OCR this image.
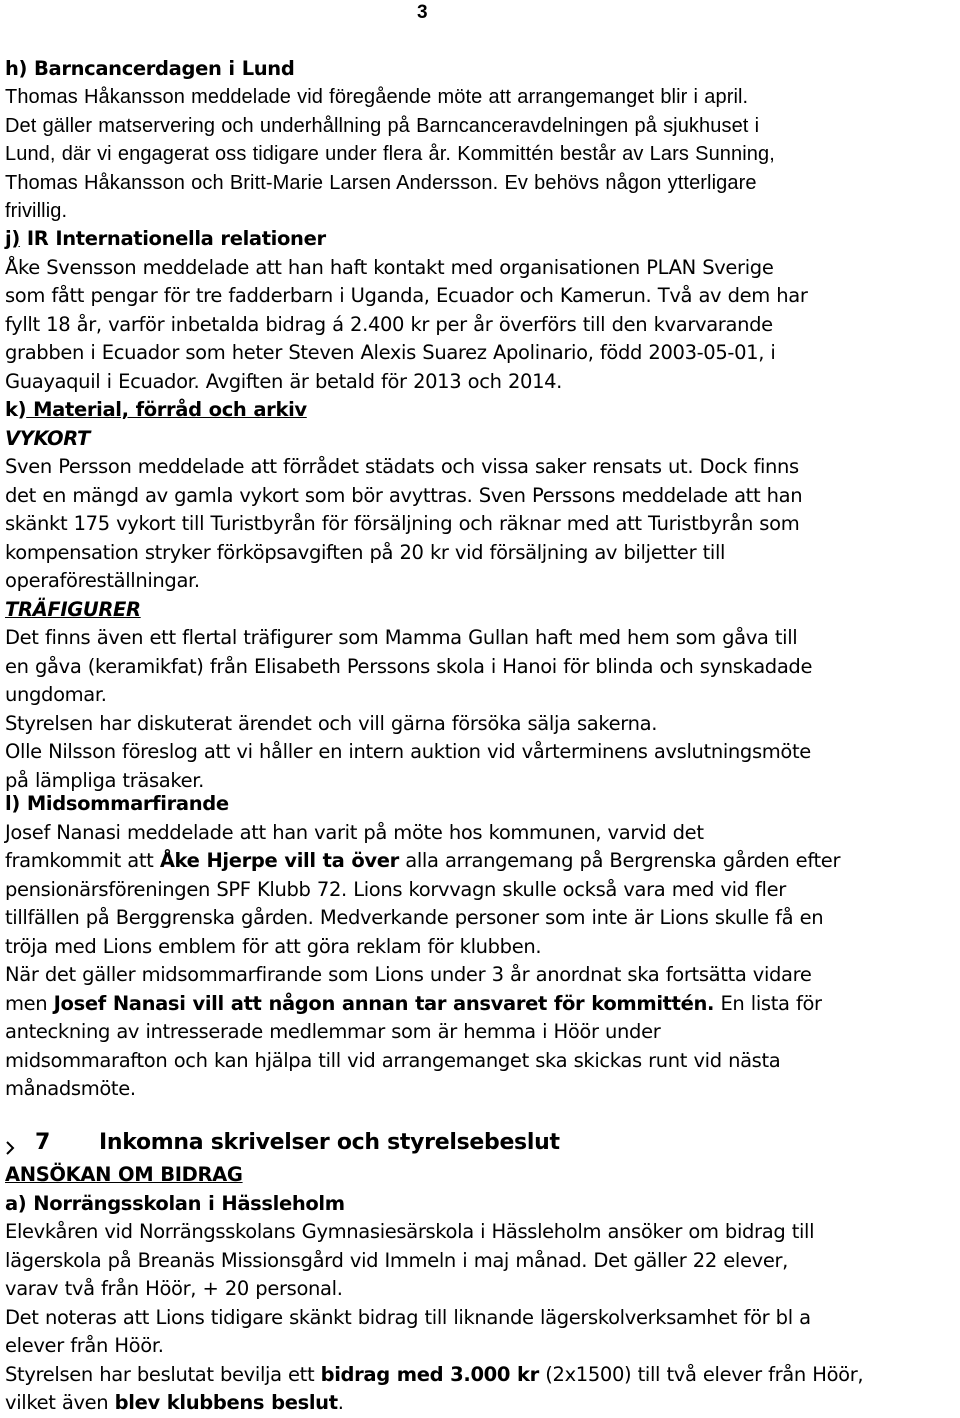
3
h) Barncancerdagen i Lund
Thomas Håkansson meddelade vid föregående möte att arrangemanget blir i april.
Det gäller matservering och underhållning på Barncanceravdelningen på sjukhuset i
Lund, där vi engagerat oss tidigare under flera år. Kommittén består av Lars Sunning,
Thomas Håkansson och Britt-Marie Larsen Andersson. Ev behövs någon ytterligare
frivillig.
j) IR Internationella relationer
Åke Svensson meddelade att han haft kontakt med organisationen PLAN Sverige
som fått pengar för tre fadderbarn i Uganda, Ecuador och Kamerun. Två av dem har
fyllt 18 år, varför inbetalda bidrag á 2.400 kr per år överförs till den kvarvarande
grabben i Ecuador som heter Steven Alexis Suarez Apolinario, född 2003-05-01, i
Guayaquil i Ecuador. Avgiften är betald för 2013 och 2014.
k) Material, förråd och arkiv
VYKORT
Sven Persson meddelade att förrådet städats och vissa saker rensats ut. Dock finns
det en mängd av gamla vykort som bör avyttras. Sven Perssons meddelade att han
skänkt 175 vykort till Turistbyrån för försäljning och räknar med att Turistbyrån som
kompensation stryker förköpsavgiften på 20 kr vid försäljning av biljetter till
operaföreställningar.
TRÄFIGURER
Det finns även ett flertal träfigurer som Mamma Gullan haft med hem som gåva till
en gåva (keramikfat) från Elisabeth Perssons skola i Hanoi för blinda och synskadade
ungdomar.
Styrelsen har diskuterat ärendet och vill gärna försöka sälja sakerna.
Olle Nilsson föreslog att vi håller en intern auktion vid vårterminens avslutningsmöte
på lämpliga träsaker.
l) Midsommarfirande
Josef Nanasi meddelade att han varit på möte hos kommunen, varvid det
framkommit att Åke Hjerpe vill ta över alla arrangemang på Bergrenska gården efter
pensionärsföreningen SPF Klubb 72. Lions korvvagn skulle också vara med vid fler
tillfällen på Berggrenska gården. Medverkande personer som inte är Lions skulle få en
tröja med Lions emblem för att göra reklam för klubben.
När det gäller midsommarfirande som Lions under 3 år anordnat ska fortsätta vidare
men Josef Nanasi vill att någon annan tar ansvaret för kommittén. En lista för
anteckning av intresserade medlemmar som är hemma i Höör under
midsommarafton och kan hjälpa till vid arrangemanget ska skickas runt vid nästa
månadsmöte.
7 Inkomna skrivelser och styrelsebeslut
ANSÖKAN OM BIDRAG
a) Norrängsskolan i Hässleholm
Elevkåren vid Norrängsskolans Gymnasiesärskola i Hässleholm ansöker om bidrag till
lägerskola på Breanäs Missionsgård vid Immeln i maj månad. Det gäller 22 elever,
varav två från Höör, + 20 personal.
Det noteras att Lions tidigare skänkt bidrag till liknande lägerskolverksamhet för bl a
elever från Höör.
Styrelsen har beslutat bevilja ett bidrag med 3.000 kr (2x1500) till två elever från Höör,
vilket även blev klubbens beslut.
